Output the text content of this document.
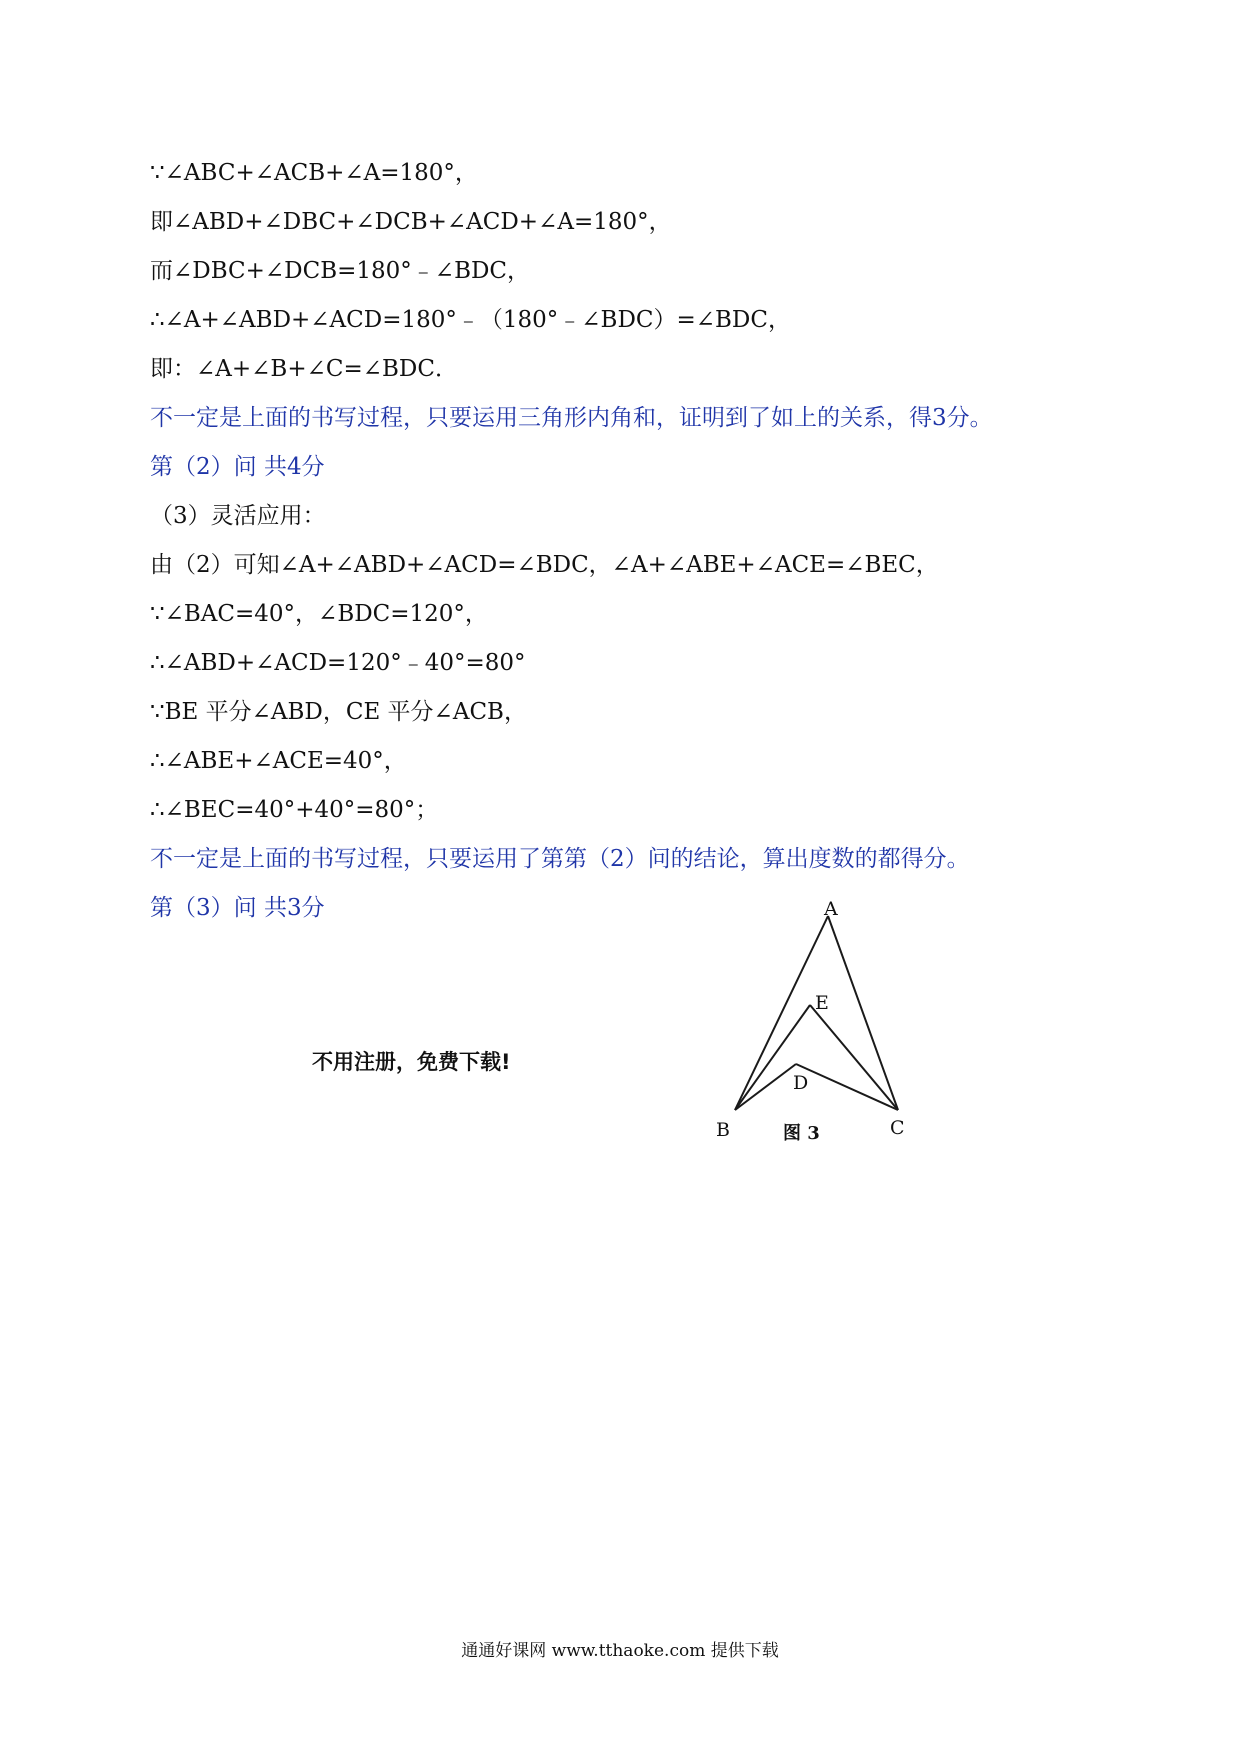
∵∠ABC+∠ACB+∠A=180°，
即∠ABD+∠DBC+∠DCB+∠ACD+∠A=180°，
而∠DBC+∠DCB=180°﹣∠BDC，
∴∠A+∠ABD+∠ACD=180°﹣（180°﹣∠BDC）=∠BDC，
即：∠A+∠B+∠C=∠BDC．
不一定是上面的书写过程，只要运用三角形内角和，证明到了如上的关系，得3分。
第（2）问 共4分
（3）灵活应用：
由（2）可知∠A+∠ABD+∠ACD=∠BDC，∠A+∠ABE+∠ACE=∠BEC，
∵∠BAC=40°，∠BDC=120°，
∴∠ABD+∠ACD=120°﹣40°=80°
∵BE 平分∠ABD，CE 平分∠ACB，
∴∠ABE+∠ACE=40°，
∴∠BEC=40°+40°=80°；
不一定是上面的书写过程，只要运用了第第（2）问的结论，算出度数的都得分。
第（3）问 共3分
不用注册，免费下载!
A
E
D
B	C
图 3
通通好课网 www.tthaoke.com 提供下载
